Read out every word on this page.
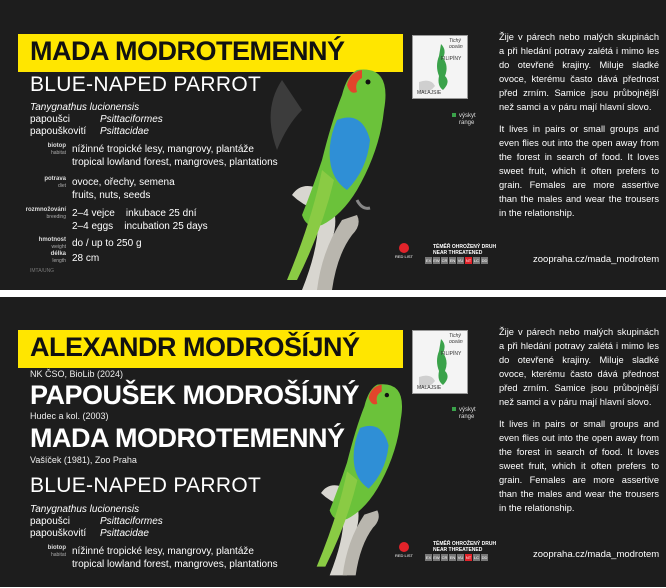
MADA MODROTEMENNÝ
BLUE-NAPED PARROT
Tanygnathus lucionensis
papoušci	Psittaciformes
papouškovití Psittacidae
biotop
habitat nížinné tropické lesy, mangrovy, plantáže
tropical lowland forest, mangroves, plantations
potrava
diet ovoce, ořechy, semena
fruits, nuts, seeds
rozmnožování
breeding 2–4 vejce    inkubace 25 dní
2–4 eggs    incubation 25 days
hmotnost
weight do / up to 250 g
délka
length 28 cm
IMTA/UNG
Tichý oceán
FILIPÍNY
MALAJSIE
výskyt
range
RED LIST
TÉMĚŘ OHROŽENÝ DRUH
NEAR THREATENED
EX EW CR EN VU NT LC DD

Žije v párech nebo malých skupinách a při hledání potravy zalétá i mimo les do otevřené krajiny. Miluje sladké ovoce, kterému často dává přednost před zrním. Samice jsou průbojnější než samci a v páru mají hlavní slovo.

It lives in pairs or small groups and even flies out into the open away from the forest in search of food. It loves sweet fruit, which it often prefers to grain. Females are more assertive than the males and wear the trousers in the relationship.

zoopraha.cz/mada_modrotem
ALEXANDR MODROŠÍJNÝ
NK ČSO, BioLib (2024)
PAPOUŠEK MODROŠÍJNÝ
Hudec a kol. (2003)
MADA MODROTEMENNÝ
Vašíček (1981), Zoo Praha
BLUE-NAPED PARROT
Tanygnathus lucionensis
papoušci	Psittaciformes
papouškovití Psittacidae
biotop
habitat nížinné tropické lesy, mangrovy, plantáže
tropical lowland forest, mangroves, plantations
Tichý oceán
FILIPÍNY
MALAJSIE
výskyt
range
RED LIST
TÉMĚŘ OHROŽENÝ DRUH
NEAR THREATENED
EX EW CR EN VU NT LC DD

Žije v párech nebo malých skupinách a při hledání potravy zalétá i mimo les do otevřené krajiny. Miluje sladké ovoce, kterému často dává přednost před zrním. Samice jsou průbojnější než samci a v páru mají hlavní slovo.

It lives in pairs or small groups and even flies out into the open away from the forest in search of food. It loves sweet fruit, which it often prefers to grain. Females are more assertive than the males and wear the trousers in the relationship.

zoopraha.cz/mada_modrotem
